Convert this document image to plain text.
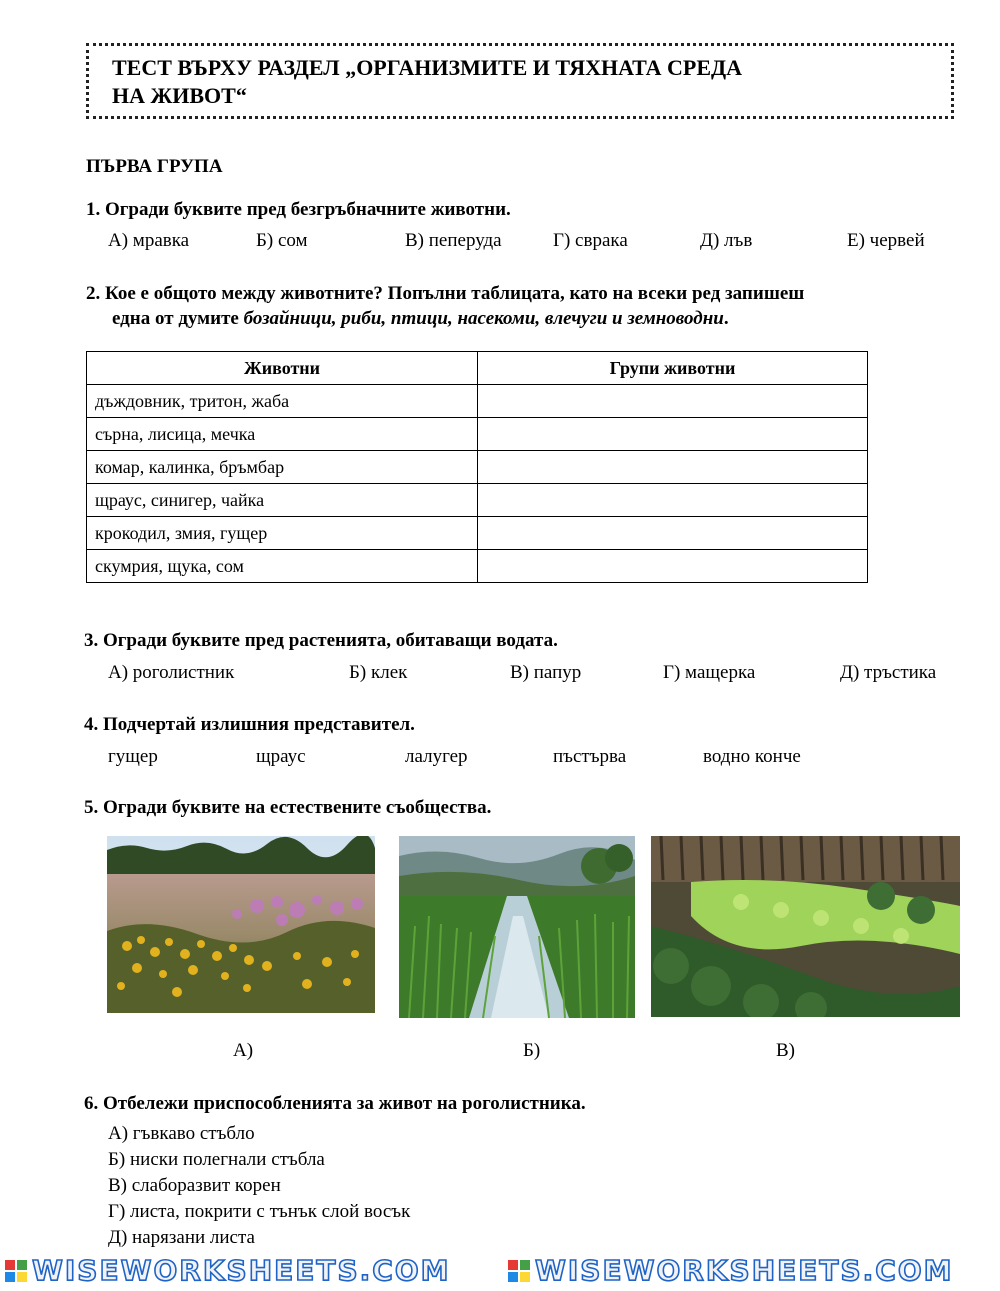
ТЕСТ ВЪРХУ РАЗДЕЛ „ОРГАНИЗМИТЕ И ТЯХНАТА СРЕДА
НА ЖИВОТ“
ПЪРВА ГРУПА
1. Огради буквите пред безгръбначните животни.
А) мравка	Б) сом	В) пеперуда	Г) сврака	Д) лъв	Е) червей
2. Кое е общото между животните? Попълни таблицата, като на всеки ред запишеш
една от думите бозайници, риби, птици, насекоми, влечуги и земноводни.
Животни	Групи животни
дъждовник, тритон, жаба	
сърна, лисица, мечка	
комар, калинка, бръмбар	
щраус, синигер, чайка	
крокодил, змия, гущер	
скумрия, щука, сом	
3. Огради буквите пред растенията, обитаващи водата.
А) роголистник	Б) клек	В) папур	Г) мащерка	Д) тръстика
4. Подчертай излишния представител.
гущер	щраус	лалугер	пъстърва	водно конче
5. Огради буквите на естествените съобщества.
А)	Б)	В)
6. Отбележи приспособленията за живот на роголистника.
А) гъвкаво стъбло
Б) ниски полегнали стъбла
В) слаборазвит корен
Г) листа, покрити с тънък слой восък
Д) нарязани листа
WISEWORKSHEETS.COM	WISEWORKSHEETS.COM
